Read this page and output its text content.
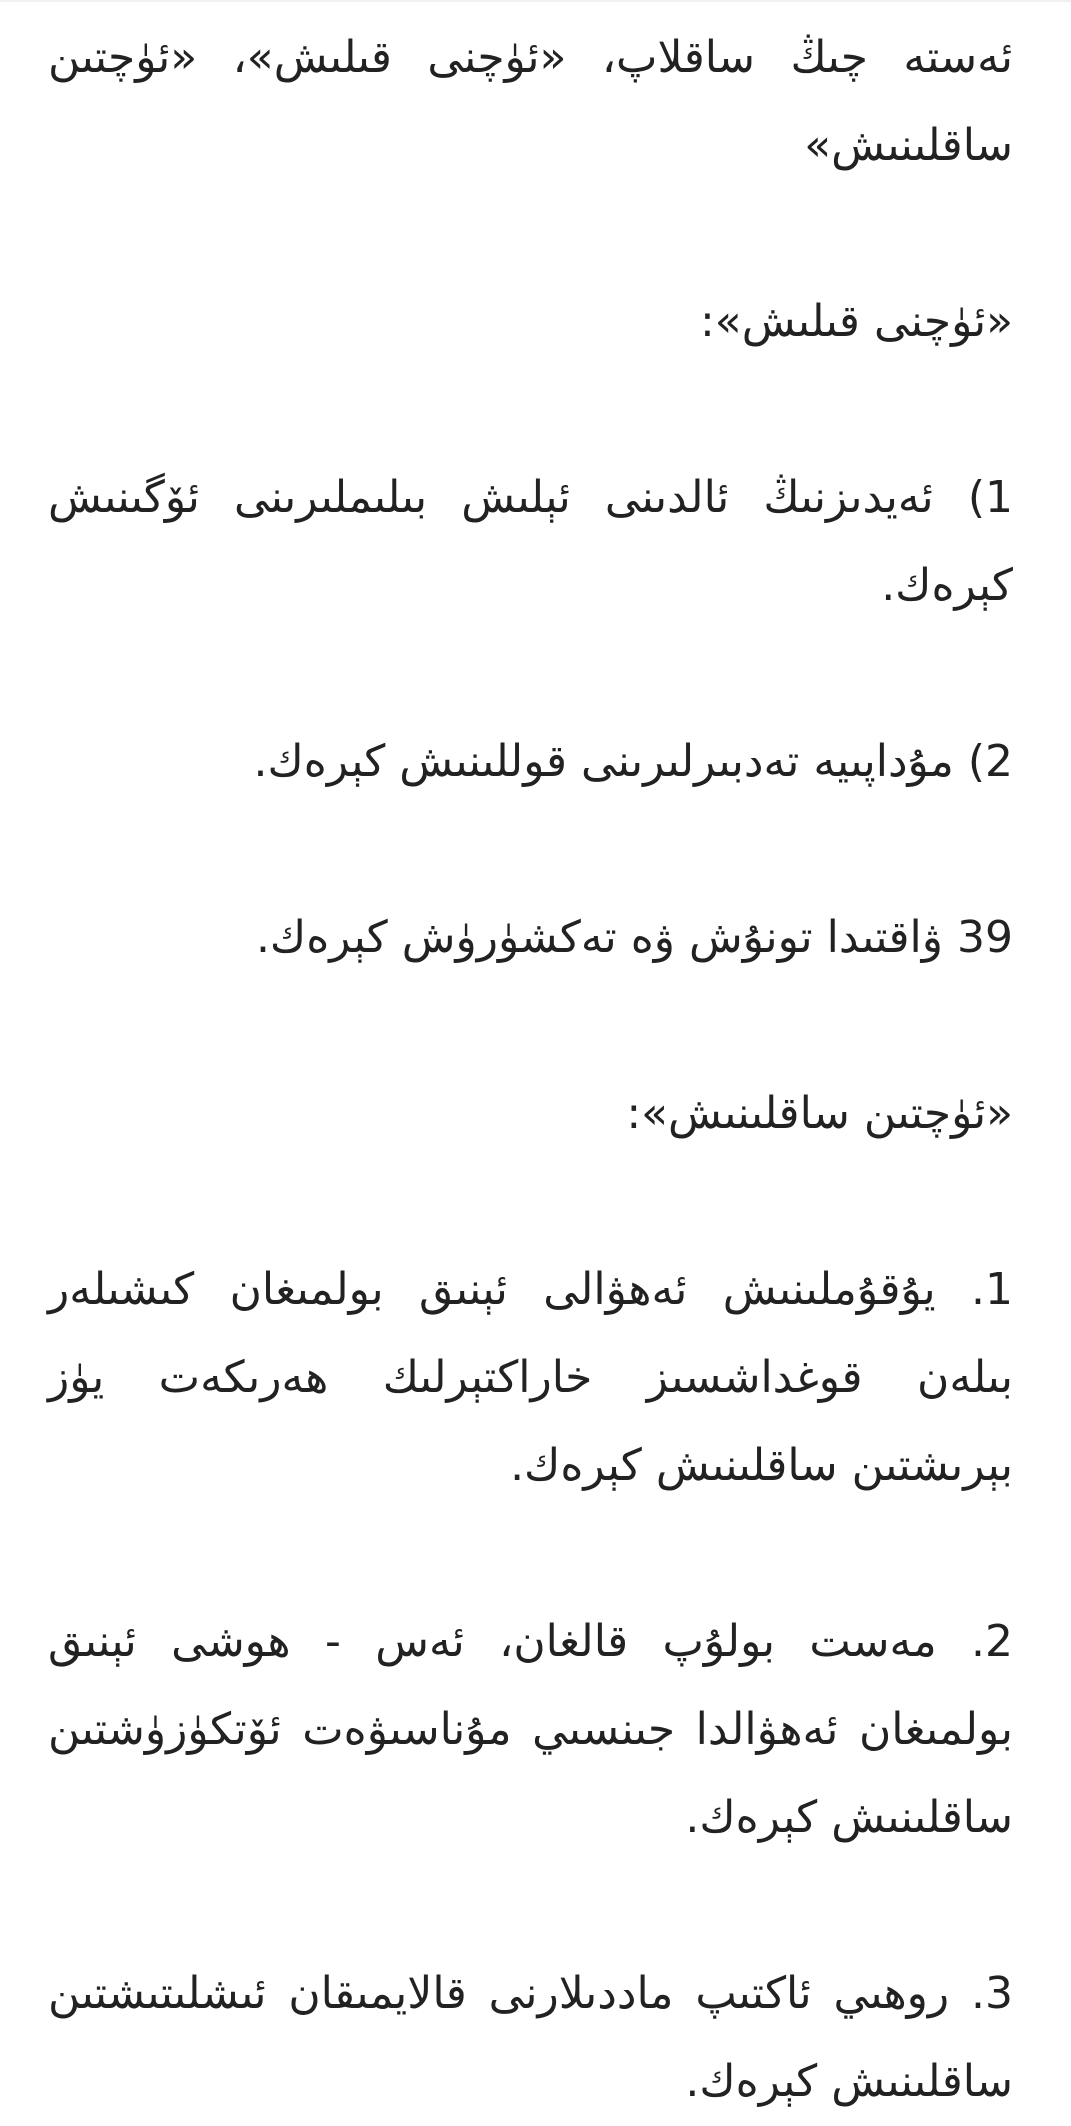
ئەستە چىڭ ساقلاپ، «ئۈچنى قىلىش»، «ئۈچتىن ساقلىنىش»

«ئۈچنى قىلىش»:

1) ئەيدىزنىڭ ئالدىنى ئېلىش بىلىملىرىنى ئۆگىنىش كېرەك.

2) مۇداپىيە تەدبىرلىرىنى قوللىنىش كېرەك.

39 ۋاقتىدا تونۇش ۋە تەكشۈرۈش كېرەك.

«ئۈچتىن ساقلىنىش»:

1. يۇقۇملىنىش ئەھۋالى ئېنىق بولمىغان كىشىلەر بىلەن قوغداشسىز خاراكتېرلىك ھەرىكەت يۈز بېرىشتىن ساقلىنىش كېرەك.

2. مەست بولۇپ قالغان، ئەس - ھوشى ئېنىق بولمىغان ئەھۋالدا جىنسىي مۇناسىۋەت ئۆتكۈزۈشتىن ساقلىنىش كېرەك.

3. روھىي ئاكتىپ ماددىلارنى قالايمىقان ئىشلىتىشتىن ساقلىنىش كېرەك.
